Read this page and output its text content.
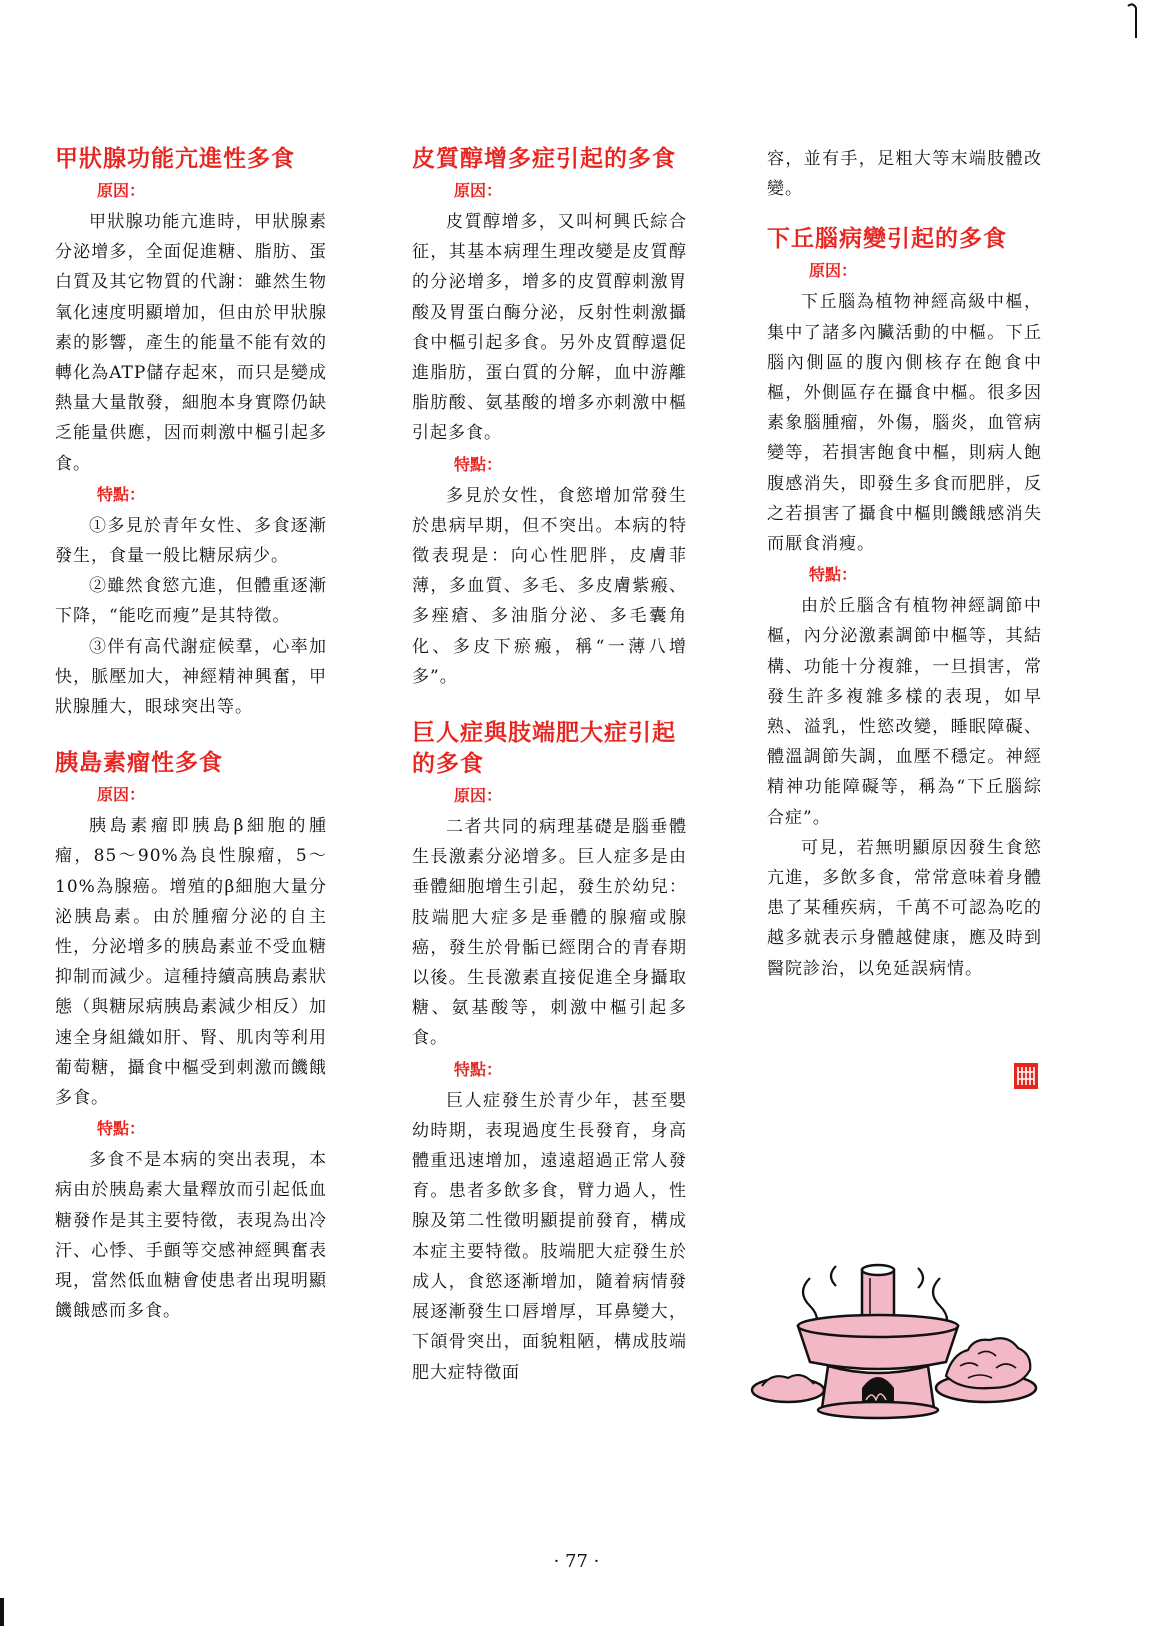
甲狀腺功能亢進性多食
原因：

甲狀腺功能亢進時，甲狀腺素分泌增多，全面促進糖、脂肪、蛋白質及其它物質的代謝：雖然生物氧化速度明顯增加，但由於甲狀腺素的影響，產生的能量不能有效的轉化為ATP儲存起來，而只是變成熱量大量散發，細胞本身實際仍缺乏能量供應，因而刺激中樞引起多食。

特點：

①多見於青年女性、多食逐漸發生，食量一般比糖尿病少。

②雖然食慾亢進，但體重逐漸下降，“能吃而瘦”是其特徵。

③伴有高代謝症候羣，心率加快，脈壓加大，神經精神興奮，甲狀腺腫大，眼球突出等。

胰島素瘤性多食
原因：

胰島素瘤即胰島β細胞的腫瘤，85～90%為良性腺瘤，5～10%為腺癌。增殖的β細胞大量分泌胰島素。由於腫瘤分泌的自主性，分泌增多的胰島素並不受血糖抑制而減少。這種持續高胰島素狀態（與糖尿病胰島素減少相反）加速全身組織如肝、腎、肌肉等利用葡萄糖，攝食中樞受到刺激而饑餓多食。

特點：

多食不是本病的突出表現，本病由於胰島素大量釋放而引起低血糖發作是其主要特徵，表現為出冷汗、心悸、手顫等交感神經興奮表現，當然低血糖會使患者出現明顯饑餓感而多食。

皮質醇增多症引起的多食
原因：

皮質醇增多，又叫柯興氏綜合征，其基本病理生理改變是皮質醇的分泌增多，增多的皮質醇刺激胃酸及胃蛋白酶分泌，反射性刺激攝食中樞引起多食。另外皮質醇還促進脂肪，蛋白質的分解，血中游離脂肪酸、氨基酸的增多亦刺激中樞引起多食。

特點：

多見於女性，食慾增加常發生於患病早期，但不突出。本病的特徵表現是：向心性肥胖，皮膚菲薄，多血質、多毛、多皮膚紫瘢、多痤瘡、多油脂分泌、多毛囊角化、多皮下瘀瘢，稱“一薄八增多”。

巨人症與肢端肥大症引起的多食
原因：

二者共同的病理基礎是腦垂體生長激素分泌增多。巨人症多是由垂體細胞增生引起，發生於幼兒：肢端肥大症多是垂體的腺瘤或腺癌，發生於骨骺已經閉合的青春期以後。生長激素直接促進全身攝取糖、氨基酸等，刺激中樞引起多食。

特點：

巨人症發生於青少年，甚至嬰幼時期，表現過度生長發育，身高體重迅速增加，遠遠超過正常人發育。患者多飲多食，臂力過人，性腺及第二性徵明顯提前發育，構成本症主要特徵。肢端肥大症發生於成人，食慾逐漸增加，隨着病情發展逐漸發生口唇增厚，耳鼻變大，下頜骨突出，面貌粗陋，構成肢端肥大症特徵面

容，並有手，足粗大等末端肢體改變。

下丘腦病變引起的多食
原因：

下丘腦為植物神經高級中樞，集中了諸多內臟活動的中樞。下丘腦內側區的腹內側核存在飽食中樞，外側區存在攝食中樞。很多因素象腦腫瘤，外傷，腦炎，血管病變等，若損害飽食中樞，則病人飽腹感消失，即發生多食而肥胖，反之若損害了攝食中樞則饑餓感消失而厭食消瘦。

特點：

由於丘腦含有植物神經調節中樞，內分泌激素調節中樞等，其結構、功能十分複雜，一旦損害，常發生許多複雜多樣的表現，如早熟、溢乳，性慾改變，睡眠障礙、體溫調節失調，血壓不穩定。神經精神功能障礙等，稱為“下丘腦綜合症”。

可見，若無明顯原因發生食慾亢進，多飲多食，常常意味着身體患了某種疾病，千萬不可認為吃的越多就表示身體越健康，應及時到醫院診治，以免延誤病情。

· 77 ·
